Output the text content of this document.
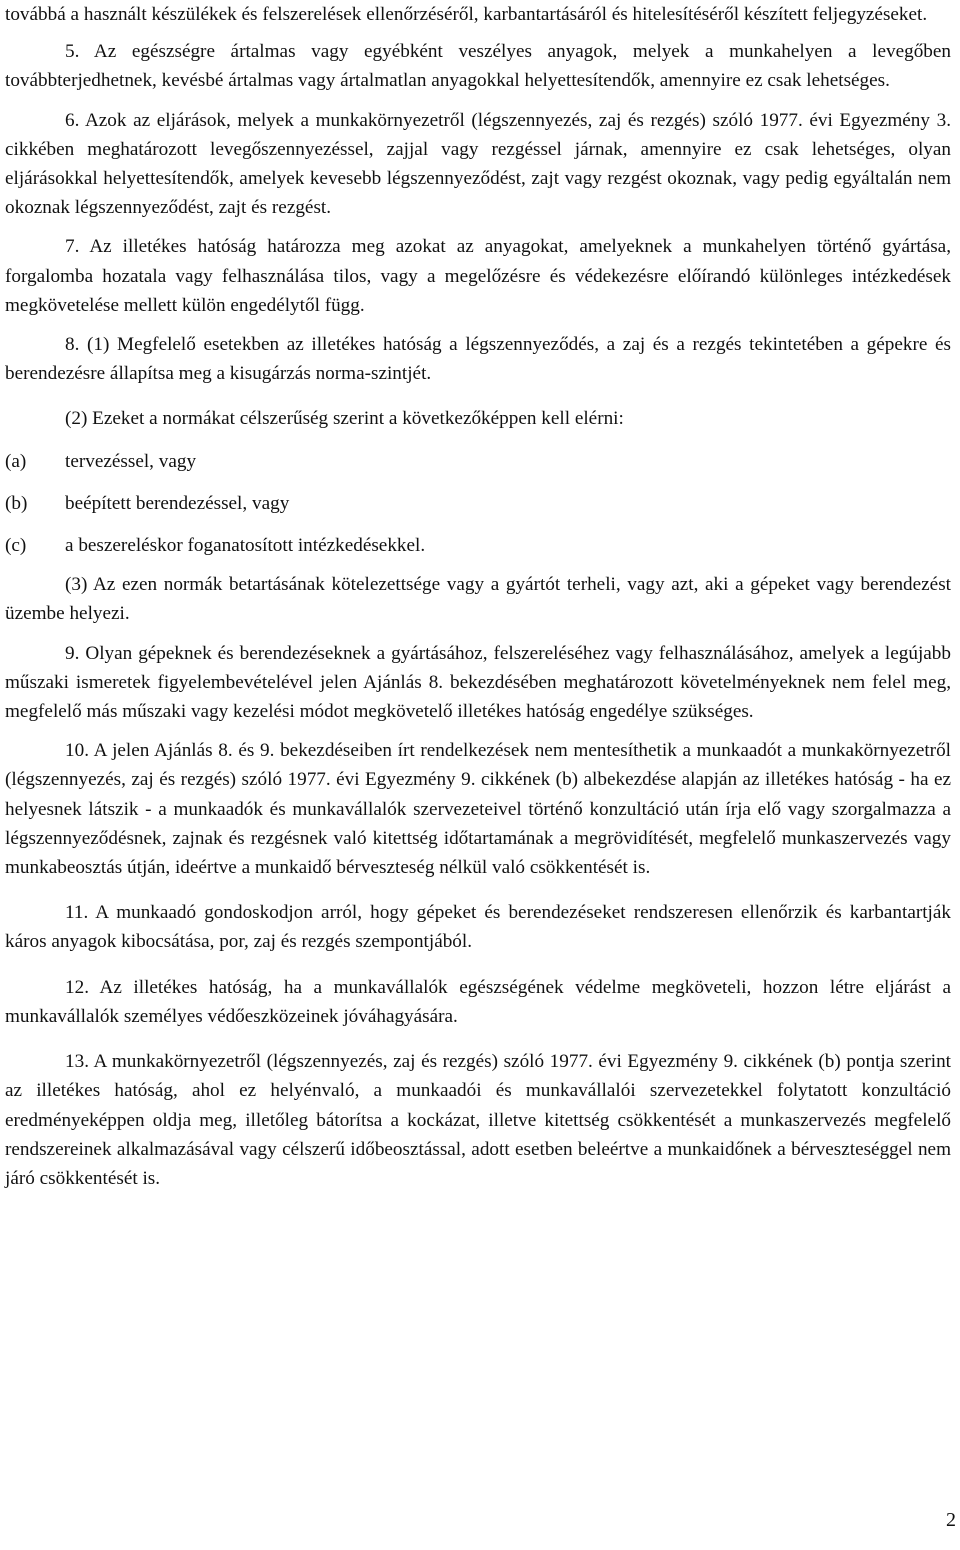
továbbá a használt készülékek és felszerelések ellenőrzéséről, karbantartásáról és hitelesítéséről készített feljegyzéseket.

5. Az egészségre ártalmas vagy egyébként veszélyes anyagok, melyek a munkahelyen a levegőben továbbterjedhetnek, kevésbé ártalmas vagy ártalmatlan anyagokkal helyettesítendők, amennyire ez csak lehetséges.

6. Azok az eljárások, melyek a munkakörnyezetről (légszennyezés, zaj és rezgés) szóló 1977. évi Egyezmény 3. cikkében meghatározott levegőszennyezéssel, zajjal vagy rezgéssel járnak, amennyire ez csak lehetséges, olyan eljárásokkal helyettesítendők, amelyek kevesebb légszennyeződést, zajt vagy rezgést okoznak, vagy pedig egyáltalán nem okoznak légszennyeződést, zajt és rezgést.

7. Az illetékes hatóság határozza meg azokat az anyagokat, amelyeknek a munkahelyen történő gyártása, forgalomba hozatala vagy felhasználása tilos, vagy a megelőzésre és védekezésre előírandó különleges intézkedések megkövetelése mellett külön engedélytől függ.

8. (1) Megfelelő esetekben az illetékes hatóság a légszennyeződés, a zaj és a rezgés tekintetében a gépekre és berendezésre állapítsa meg a kisugárzás norma-szintjét.

(2) Ezeket a normákat célszerűség szerint a következőképpen kell elérni:

(a)	tervezéssel, vagy
(b)	beépített berendezéssel, vagy
(c)	a beszereléskor foganatosított intézkedésekkel.

(3) Az ezen normák betartásának kötelezettsége vagy a gyártót terheli, vagy azt, aki a gépeket vagy berendezést üzembe helyezi.

9. Olyan gépeknek és berendezéseknek a gyártásához, felszereléséhez vagy felhasználásához, amelyek a legújabb műszaki ismeretek figyelembevételével jelen Ajánlás 8. bekezdésében meghatározott követelményeknek nem felel meg, megfelelő más műszaki vagy kezelési módot megkövetelő illetékes hatóság engedélye szükséges.

10. A jelen Ajánlás 8. és 9. bekezdéseiben írt rendelkezések nem mentesíthetik a munkaadót a munkakörnyezetről (légszennyezés, zaj és rezgés) szóló 1977. évi Egyezmény 9. cikkének (b) albekezdése alapján az illetékes hatóság - ha ez helyesnek látszik - a munkaadók és munkavállalók szervezeteivel történő konzultáció után írja elő vagy szorgalmazza a légszennyeződésnek, zajnak és rezgésnek való kitettség időtartamának a megrövidítését, megfelelő munkaszervezés vagy munkabeosztás útján, ideértve a munkaidő bérveszteség nélkül való csökkentését is.

11. A munkaadó gondoskodjon arról, hogy gépeket és berendezéseket rendszeresen ellenőrzik és karbantartják káros anyagok kibocsátása, por, zaj és rezgés szempontjából.

12. Az illetékes hatóság, ha a munkavállalók egészségének védelme megköveteli, hozzon létre eljárást a munkavállalók személyes védőeszközeinek jóváhagyására.

13. A munkakörnyezetről (légszennyezés, zaj és rezgés) szóló 1977. évi Egyezmény 9. cikkének (b) pontja szerint az illetékes hatóság, ahol ez helyénvaló, a munkaadói és munkavállalói szervezetekkel folytatott konzultáció eredményeképpen oldja meg, illetőleg bátorítsa a kockázat, illetve kitettség csökkentését a munkaszervezés megfelelő rendszereinek alkalmazásával vagy célszerű időbeosztással, adott esetben beleértve a munkaidőnek a bérveszteséggel nem járó csökkentését is.

2
